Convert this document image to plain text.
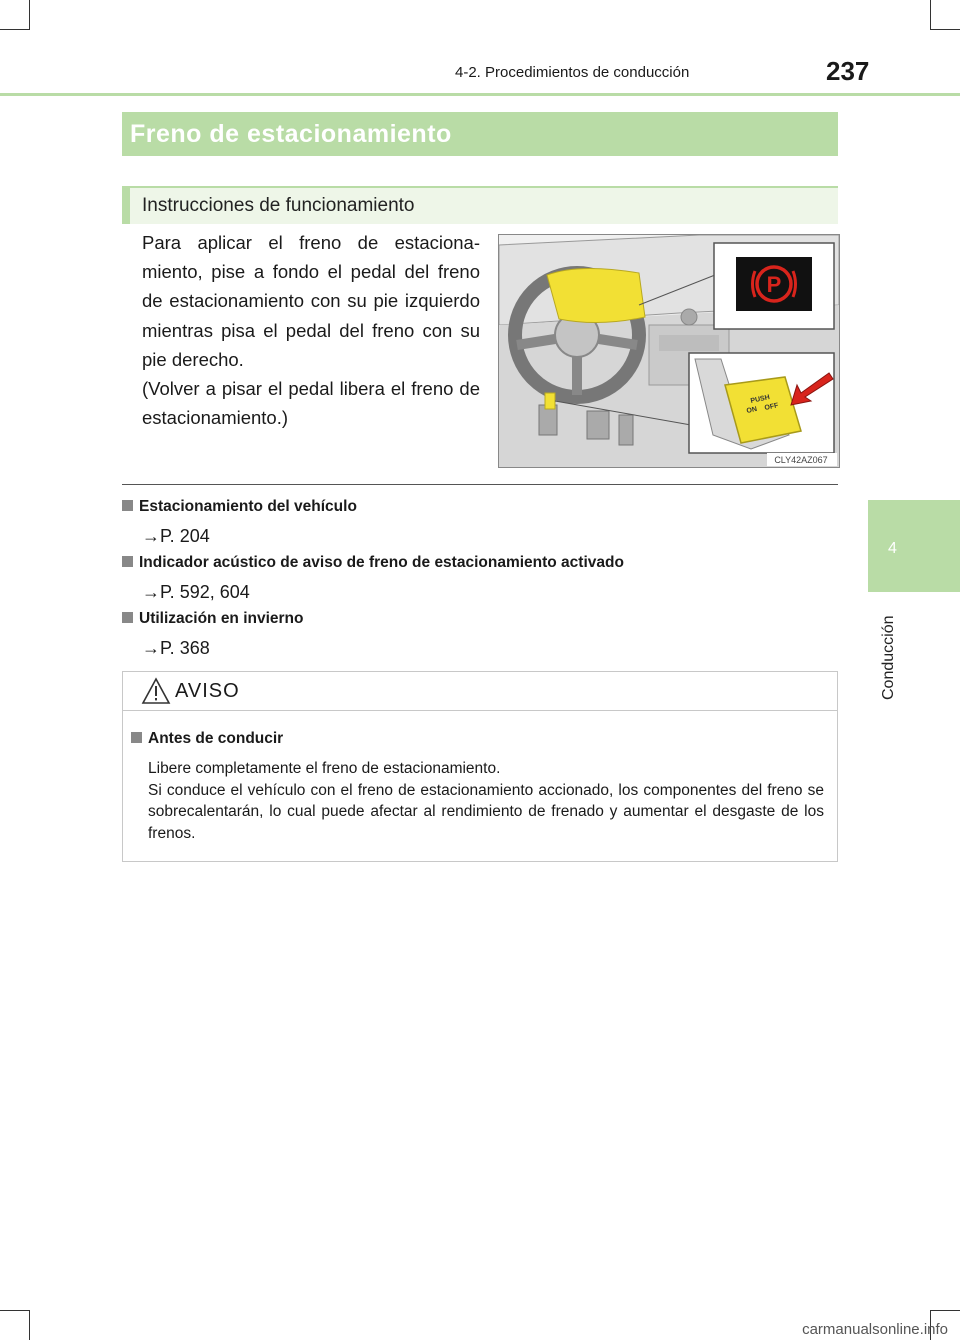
4-2. Procedimientos de conducción	237
4
Conducción
Freno de estacionamiento
Instrucciones de funcionamiento

Para aplicar el freno de estaciona-miento, pise a fondo el pedal del freno de estacionamiento con su pie izquierdo mientras pisa el pedal del freno con su pie derecho.

(Volver a pisar el pedal libera el freno de estacionamiento.)

P
PUSH
ON OFF
CLY42AZ067
Estacionamiento del vehículo
→P. 204
Indicador acústico de aviso de freno de estacionamiento activado
→P. 592, 604
Utilización en invierno
→P. 368
AVISO
Antes de conducir

Libere completamente el freno de estacionamiento.

Si conduce el vehículo con el freno de estacionamiento accionado, los componentes del freno se sobrecalentarán, lo cual puede afectar al rendimiento de frenado y aumentar el desgaste de los frenos.

carmanualsonline.info
